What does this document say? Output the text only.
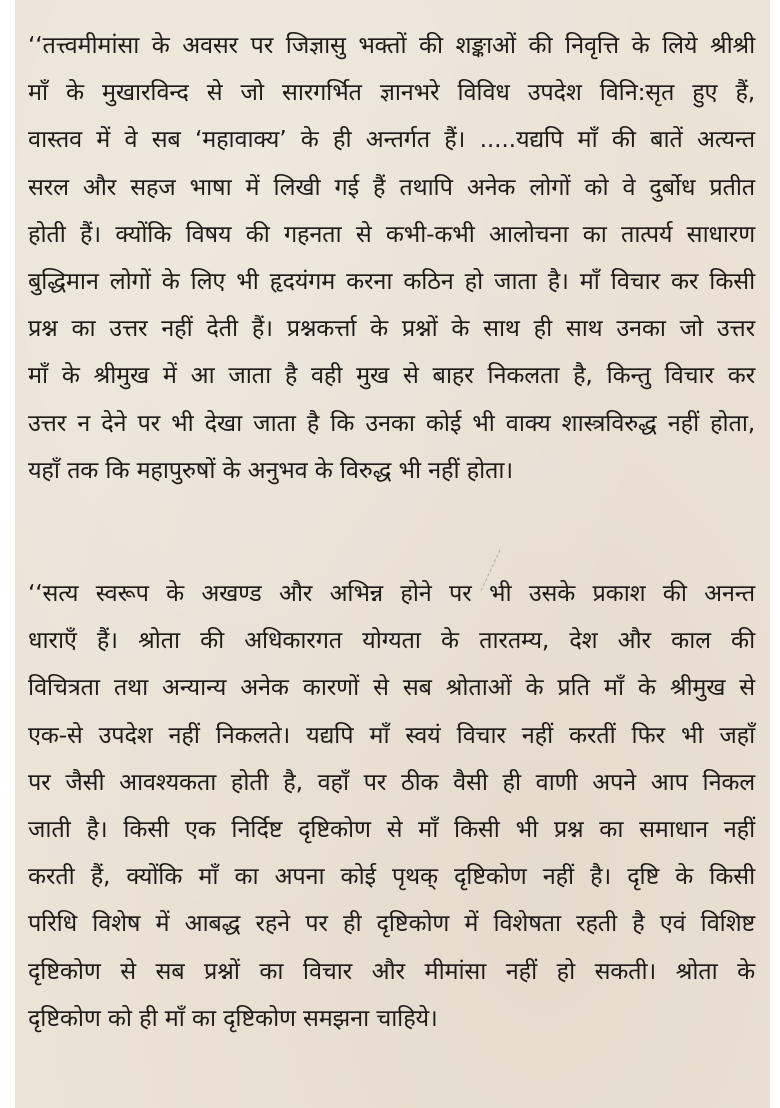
‘‘तत्त्वमीमांसा के अवसर पर जिज्ञासु भक्तों की शङ्काओं की निवृत्ति के लिये श्रीश्री
माँ के मुखारविन्द से जो सारगर्भित ज्ञानभरे विविध उपदेश विनि:सृत हुए हैं,
वास्तव में वे सब ‘महावाक्य’ के ही अन्तर्गत हैं। .....यद्यपि माँ की बातें अत्यन्त
सरल और सहज भाषा में लिखी गई हैं तथापि अनेक लोगों को वे दुर्बोध प्रतीत
होती हैं। क्योंकि विषय की गहनता से कभी-कभी आलोचना का तात्पर्य साधारण
बुद्धिमान लोगों के लिए भी हृदयंगम करना कठिन हो जाता है। माँ विचार कर किसी
प्रश्न का उत्तर नहीं देती हैं। प्रश्नकर्त्ता के प्रश्नों के साथ ही साथ उनका जो उत्तर
माँ के श्रीमुख में आ जाता है वही मुख से बाहर निकलता है, किन्तु विचार कर
उत्तर न देने पर भी देखा जाता है कि उनका कोई भी वाक्य शास्त्रविरुद्ध नहीं होता,
यहाँ तक कि महापुरुषों के अनुभव के विरुद्ध भी नहीं होता।
‘‘सत्य स्वरूप के अखण्ड और अभिन्न होने पर भी उसके प्रकाश की अनन्त
धाराएँ हैं। श्रोता की अधिकारगत योग्यता के तारतम्य, देश और काल की
विचित्रता तथा अन्यान्य अनेक कारणों से सब श्रोताओं के प्रति माँ के श्रीमुख से
एक-से उपदेश नहीं निकलते। यद्यपि माँ स्वयं विचार नहीं करतीं फिर भी जहाँ
पर जैसी आवश्यकता होती है, वहाँ पर ठीक वैसी ही वाणी अपने आप निकल
जाती है। किसी एक निर्दिष्ट दृष्टिकोण से माँ किसी भी प्रश्न का समाधान नहीं
करती हैं, क्योंकि माँ का अपना कोई पृथक् दृष्टिकोण नहीं है। दृष्टि के किसी
परिधि विशेष में आबद्ध रहने पर ही दृष्टिकोण में विशेषता रहती है एवं विशिष्ट
दृष्टिकोण से सब प्रश्नों का विचार और मीमांसा नहीं हो सकती। श्रोता के
दृष्टिकोण को ही माँ का दृष्टिकोण समझना चाहिये।
